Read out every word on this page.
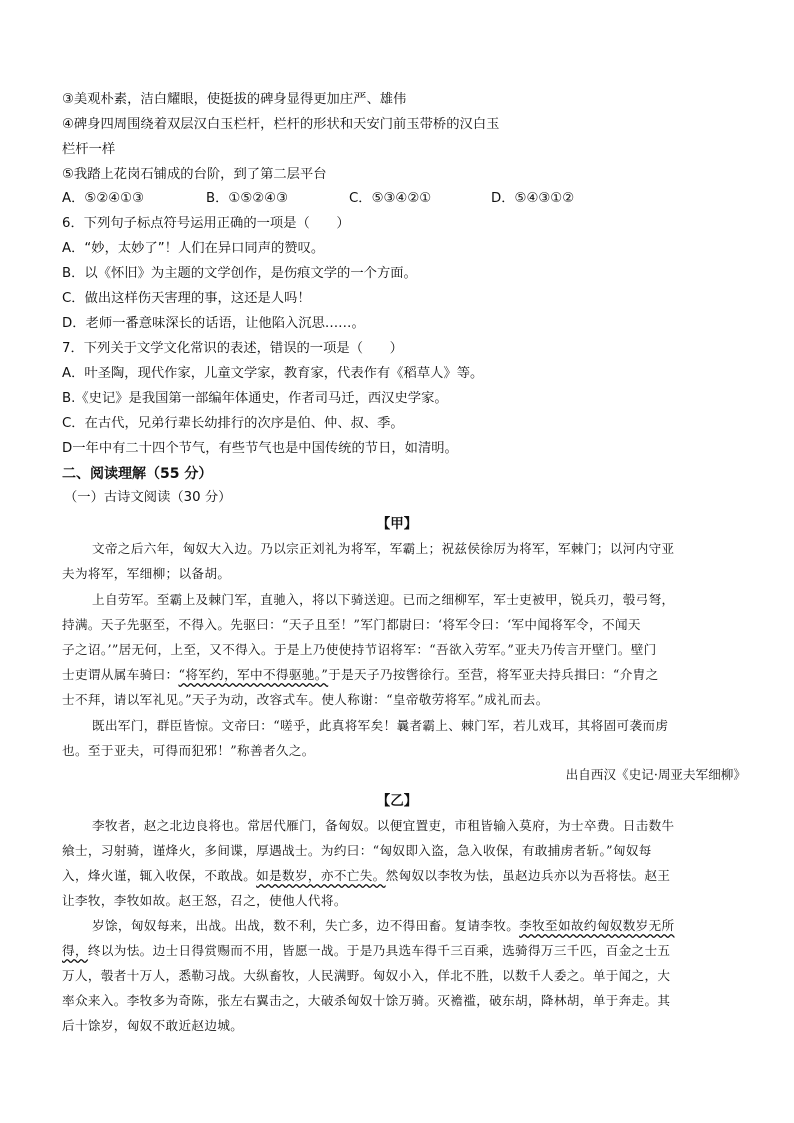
③美观朴素，洁白耀眼，使挺拔的碑身显得更加庄严、雄伟
④碑身四周围绕着双层汉白玉栏杆，栏杆的形状和天安门前玉带桥的汉白玉
栏杆一样
⑤我踏上花岗石铺成的台阶，到了第二层平台
A．⑤②④①③	B．①⑤②④③	C．⑤③④②①	D．⑤④③①②
6．下列句子标点符号运用正确的一项是（　　）
A．“妙，太妙了”！人们在异口同声的赞叹。
B．以《怀旧》为主题的文学创作，是伤痕文学的一个方面。
C．做出这样伤天害理的事，这还是人吗！
D．老师一番意味深长的话语，让他陷入沉思……。
7．下列关于文学文化常识的表述，错误的一项是（　　）
A．叶圣陶，现代作家，儿童文学家，教育家，代表作有《稻草人》等。
B.《史记》是我国第一部编年体通史，作者司马迁，西汉史学家。
C．在古代，兄弟行辈长幼排行的次序是伯、仲、叔、季。
D一年中有二十四个节气，有些节气也是中国传统的节日，如清明。
二、阅读理解（55 分）
（一）古诗文阅读（30 分）
【甲】
文帝之后六年，匈奴大入边。乃以宗正刘礼为将军，军霸上；祝兹侯徐厉为将军，军棘门；以河内守亚
夫为将军，军细柳；以备胡。
上自劳军。至霸上及棘门军，直驰入，将以下骑送迎。已而之细柳军，军士吏被甲，锐兵刃，彀弓弩，
持满。天子先驱至，不得入。先驱曰：“天子且至！”军门都尉曰：‘将军令曰：‘军中闻将军令，不闻天
子之诏。’”居无何，上至，又不得入。于是上乃使使持节诏将军：“吾欲入劳军。”亚夫乃传言开壁门。壁门
士吏谓从属车骑曰：“将军约，军中不得驱驰。”于是天子乃按辔徐行。至营，将军亚夫持兵揖曰：“介胄之
士不拜，请以军礼见。”天子为动，改容式车。使人称谢：“皇帝敬劳将军。”成礼而去。
既出军门，群臣皆惊。文帝曰：“嗟乎，此真将军矣！曩者霸上、棘门军，若儿戏耳，其将固可袭而虏
也。至于亚夫，可得而犯邪！”称善者久之。
出自西汉《史记·周亚夫军细柳》
【乙】
李牧者，赵之北边良将也。常居代雁门，备匈奴。以便宜置吏，市租皆输入莫府，为士卒费。日击数牛
飨士，习射骑，谨烽火，多间谍，厚遇战士。为约曰：“匈奴即入盗，急入收保，有敢捕虏者斩。”匈奴每
入，烽火谨，辄入收保，不敢战。如是数岁，亦不亡失。然匈奴以李牧为怯，虽赵边兵亦以为吾将怯。赵王
让李牧，李牧如故。赵王怒，召之，使他人代将。
岁馀，匈奴每来，出战。出战，数不利，失亡多，边不得田畜。复请李牧。李牧至如故约匈奴数岁无所
得，终以为怯。边士日得赏赐而不用，皆愿一战。于是乃具选车得千三百乘，选骑得万三千匹，百金之士五
万人，彀者十万人，悉勒习战。大纵畜牧，人民满野。匈奴小入，佯北不胜，以数千人委之。单于闻之，大
率众来入。李牧多为奇陈，张左右翼击之，大破杀匈奴十馀万骑。灭襜褴，破东胡，降林胡，单于奔走。其
后十馀岁，匈奴不敢近赵边城。
